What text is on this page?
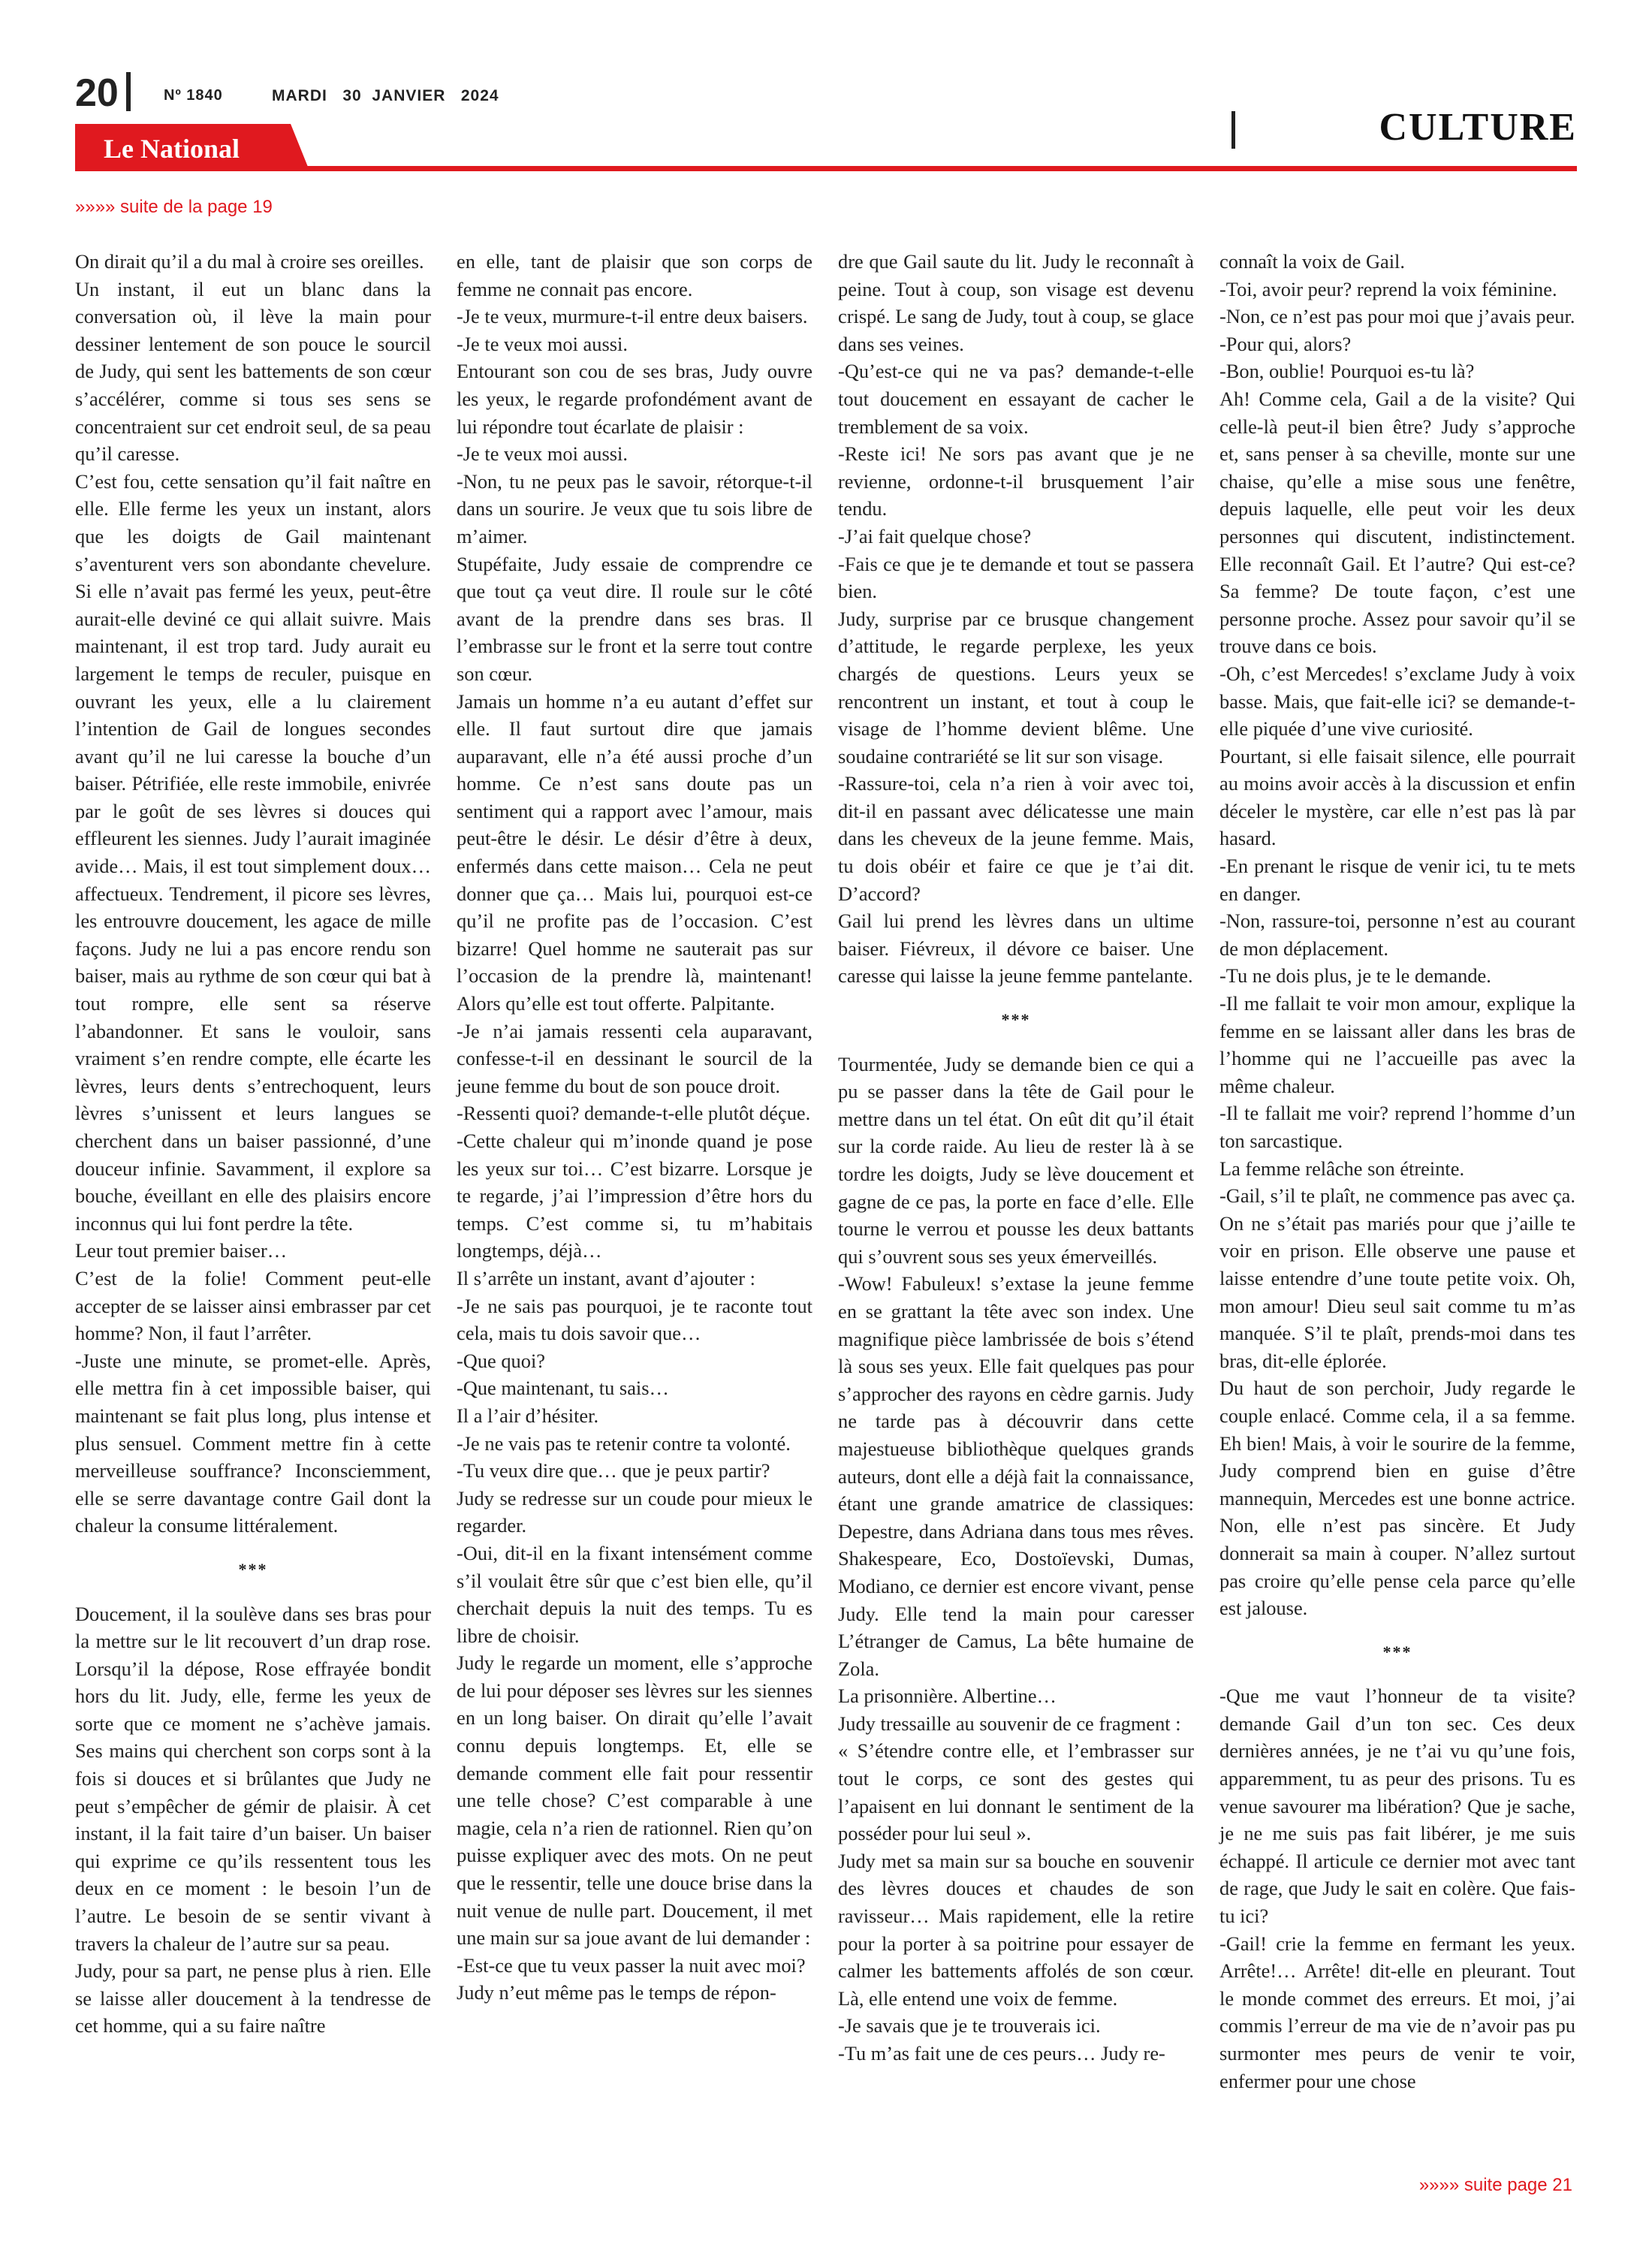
20	Nº 1840	MARDI   30  JANVIER   2024
CULTURE
Le National
»»»» suite de la page 19

On dirait qu’il a du mal à croire ses oreilles.

Un instant, il eut un blanc dans la conversation où, il lève la main pour dessiner lentement de son pouce le sourcil de Judy, qui sent les battements de son cœur s’accélérer, comme si tous ses sens se concentraient sur cet endroit seul, de sa peau qu’il caresse.

C’est fou, cette sensation qu’il fait naître en elle. Elle ferme les yeux un instant, alors que les doigts de Gail maintenant s’aventurent vers son abondante chevelure. Si elle n’avait pas fermé les yeux, peut-être aurait-elle deviné ce qui allait suivre. Mais maintenant, il est trop tard. Judy aurait eu largement le temps de reculer, puisque en ouvrant les yeux, elle a lu clairement l’intention de Gail de longues secondes avant qu’il ne lui caresse la bouche d’un baiser. Pétrifiée, elle reste immobile, enivrée par le goût de ses lèvres si douces qui effleurent les siennes. Judy l’aurait imaginée avide… Mais, il est tout simplement doux… affectueux. Tendrement, il picore ses lèvres, les entrouvre doucement, les agace de mille façons. Judy ne lui a pas encore rendu son baiser, mais au rythme de son cœur qui bat à tout rompre, elle sent sa réserve l’abandonner. Et sans le vouloir, sans vraiment s’en rendre compte, elle écarte les lèvres, leurs dents s’entrechoquent, leurs lèvres s’unissent et leurs langues se cherchent dans un baiser passionné, d’une douceur infinie. Savamment, il explore sa bouche, éveillant en elle des plaisirs encore inconnus qui lui font perdre la tête.

Leur tout premier baiser…

C’est de la folie! Comment peut-elle accepter de se laisser ainsi embrasser par cet homme? Non, il faut l’arrêter.

-Juste une minute, se promet-elle. Après, elle mettra fin à cet impossible baiser, qui maintenant se fait plus long, plus intense et plus sensuel. Comment mettre fin à cette merveilleuse souffrance? Inconsciemment, elle se serre davantage contre Gail dont la chaleur la consume littéralement.

***

Doucement, il la soulève dans ses bras pour la mettre sur le lit recouvert d’un drap rose. Lorsqu’il la dépose, Rose effrayée bondit hors du lit. Judy, elle, ferme les yeux de sorte que ce moment ne s’achève jamais. Ses mains qui cherchent son corps sont à la fois si douces et si brûlantes que Judy ne peut s’empêcher de gémir de plaisir. À cet instant, il la fait taire d’un baiser. Un baiser qui exprime ce qu’ils ressentent tous les deux en ce moment : le besoin l’un de l’autre. Le besoin de se sentir vivant à travers la chaleur de l’autre sur sa peau.

Judy, pour sa part, ne pense plus à rien. Elle se laisse aller doucement à la tendresse de cet homme, qui a su faire naître

en elle, tant de plaisir que son corps de femme ne connait pas encore.

-Je te veux, murmure-t-il entre deux baisers.

-Je te veux moi aussi.

Entourant son cou de ses bras, Judy ouvre les yeux, le regarde profondément avant de lui répondre tout écarlate de plaisir :

-Je te veux moi aussi.

-Non, tu ne peux pas le savoir, rétorque-t-il dans un sourire. Je veux que tu sois libre de m’aimer.

Stupéfaite, Judy essaie de comprendre ce que tout ça veut dire. Il roule sur le côté avant de la prendre dans ses bras. Il l’embrasse sur le front et la serre tout contre son cœur.

Jamais un homme n’a eu autant d’effet sur elle. Il faut surtout dire que jamais auparavant, elle n’a été aussi proche d’un homme. Ce n’est sans doute pas un sentiment qui a rapport avec l’amour, mais peut-être le désir. Le désir d’être à deux, enfermés dans cette maison… Cela ne peut donner que ça… Mais lui, pourquoi est-ce qu’il ne profite pas de l’occasion. C’est bizarre! Quel homme ne sauterait pas sur l’occasion de la prendre là, maintenant! Alors qu’elle est tout offerte. Palpitante.

-Je n’ai jamais ressenti cela auparavant, confesse-t-il en dessinant le sourcil de la jeune femme du bout de son pouce droit.

-Ressenti quoi? demande-t-elle plutôt déçue.

-Cette chaleur qui m’inonde quand je pose les yeux sur toi… C’est bizarre. Lorsque je te regarde, j’ai l’impression d’être hors du temps. C’est comme si, tu m’habitais longtemps, déjà…

Il s’arrête un instant, avant d’ajouter :

-Je ne sais pas pourquoi, je te raconte tout cela, mais tu dois savoir que…

-Que quoi?

-Que maintenant, tu sais…

Il a l’air d’hésiter.

-Je ne vais pas te retenir contre ta volonté.

-Tu veux dire que… que je peux partir?

Judy se redresse sur un coude pour mieux le regarder.

-Oui, dit-il en la fixant intensément comme s’il voulait être sûr que c’est bien elle, qu’il cherchait depuis la nuit des temps. Tu es libre de choisir.

Judy le regarde un moment, elle s’approche de lui pour déposer ses lèvres sur les siennes en un long baiser. On dirait qu’elle l’avait connu depuis longtemps. Et, elle se demande comment elle fait pour ressentir une telle chose? C’est comparable à une magie, cela n’a rien de rationnel. Rien qu’on puisse expliquer avec des mots. On ne peut que le ressentir, telle une douce brise dans la nuit venue de nulle part. Doucement, il met une main sur sa joue avant de lui demander :

-Est-ce que tu veux passer la nuit avec moi?

Judy n’eut même pas le temps de répon-

dre que Gail saute du lit. Judy le reconnaît à peine. Tout à coup, son visage est devenu crispé. Le sang de Judy, tout à coup, se glace dans ses veines.

-Qu’est-ce qui ne va pas? demande-t-elle tout doucement en essayant de cacher le tremblement de sa voix.

-Reste ici! Ne sors pas avant que je ne revienne, ordonne-t-il brusquement l’air tendu.

-J’ai fait quelque chose?

-Fais ce que je te demande et tout se passera bien.

Judy, surprise par ce brusque changement d’attitude, le regarde perplexe, les yeux chargés de questions. Leurs yeux se rencontrent un instant, et tout à coup le visage de l’homme devient blême. Une soudaine contrariété se lit sur son visage.

-Rassure-toi, cela n’a rien à voir avec toi, dit-il en passant avec délicatesse une main dans les cheveux de la jeune femme. Mais, tu dois obéir et faire ce que je t’ai dit. D’accord?

Gail lui prend les lèvres dans un ultime baiser. Fiévreux, il dévore ce baiser. Une caresse qui laisse la jeune femme pantelante.

***

Tourmentée, Judy se demande bien ce qui a pu se passer dans la tête de Gail pour le mettre dans un tel état. On eût dit qu’il était sur la corde raide. Au lieu de rester là à se tordre les doigts, Judy se lève doucement et gagne de ce pas, la porte en face d’elle. Elle tourne le verrou et pousse les deux battants qui s’ouvrent sous ses yeux émerveillés.

-Wow! Fabuleux! s’extase la jeune femme en se grattant la tête avec son index. Une magnifique pièce lambrissée de bois s’étend là sous ses yeux. Elle fait quelques pas pour s’approcher des rayons en cèdre garnis. Judy ne tarde pas à découvrir dans cette majestueuse bibliothèque quelques grands auteurs, dont elle a déjà fait la connaissance, étant une grande amatrice de classiques: Depestre, dans Adriana dans tous mes rêves. Shakespeare, Eco, Dostoïevski, Dumas, Modiano, ce dernier est encore vivant, pense Judy. Elle tend la main pour caresser L’étranger de Camus, La bête humaine de Zola.

La prisonnière. Albertine…

Judy tressaille au souvenir de ce fragment :

« S’étendre contre elle, et l’embrasser sur tout le corps, ce sont des gestes qui l’apaisent en lui donnant le sentiment de la posséder pour lui seul ».

Judy met sa main sur sa bouche en souvenir des lèvres douces et chaudes de son ravisseur… Mais rapidement, elle la retire pour la porter à sa poitrine pour essayer de calmer les battements affolés de son cœur. Là, elle entend une voix de femme.

-Je savais que je te trouverais ici.

-Tu m’as fait une de ces peurs… Judy re-

connaît la voix de Gail.

-Toi, avoir peur? reprend la voix féminine.

-Non, ce n’est pas pour moi que j’avais peur.

-Pour qui, alors?

-Bon, oublie! Pourquoi es-tu là?

Ah! Comme cela, Gail a de la visite? Qui celle-là peut-il bien être? Judy s’approche et, sans penser à sa cheville, monte sur une chaise, qu’elle a mise sous une fenêtre, depuis laquelle, elle peut voir les deux personnes qui discutent, indistinctement. Elle reconnaît Gail. Et l’autre? Qui est-ce? Sa femme? De toute façon, c’est une personne proche. Assez pour savoir qu’il se trouve dans ce bois.

-Oh, c’est Mercedes! s’exclame Judy à voix basse. Mais, que fait-elle ici? se demande-t-elle piquée d’une vive curiosité.

Pourtant, si elle faisait silence, elle pourrait au moins avoir accès à la discussion et enfin déceler le mystère, car elle n’est pas là par hasard.

-En prenant le risque de venir ici, tu te mets en danger.

-Non, rassure-toi, personne n’est au courant de mon déplacement.

-Tu ne dois plus, je te le demande.

-Il me fallait te voir mon amour, explique la femme en se laissant aller dans les bras de l’homme qui ne l’accueille pas avec la même chaleur.

-Il te fallait me voir? reprend l’homme d’un ton sarcastique.

La femme relâche son étreinte.

-Gail, s’il te plaît, ne commence pas avec ça. On ne s’était pas mariés pour que j’aille te voir en prison. Elle observe une pause et laisse entendre d’une toute petite voix. Oh, mon amour! Dieu seul sait comme tu m’as manquée. S’il te plaît, prends-moi dans tes bras, dit-elle éplorée.

Du haut de son perchoir, Judy regarde le couple enlacé. Comme cela, il a sa femme. Eh bien! Mais, à voir le sourire de la femme, Judy comprend bien en guise d’être mannequin, Mercedes est une bonne actrice. Non, elle n’est pas sincère. Et Judy donnerait sa main à couper. N’allez surtout pas croire qu’elle pense cela parce qu’elle est jalouse.

***

-Que me vaut l’honneur de ta visite? demande Gail d’un ton sec. Ces deux dernières années, je ne t’ai vu qu’une fois, apparemment, tu as peur des prisons. Tu es venue savourer ma libération? Que je sache, je ne me suis pas fait libérer, je me suis échappé. Il articule ce dernier mot avec tant de rage, que Judy le sait en colère. Que fais-tu ici?

-Gail! crie la femme en fermant les yeux. Arrête!… Arrête! dit-elle en pleurant. Tout le monde commet des erreurs. Et moi, j’ai commis l’erreur de ma vie de n’avoir pas pu surmonter mes peurs de venir te voir, enfermer pour une chose

»»»» suite page 21
